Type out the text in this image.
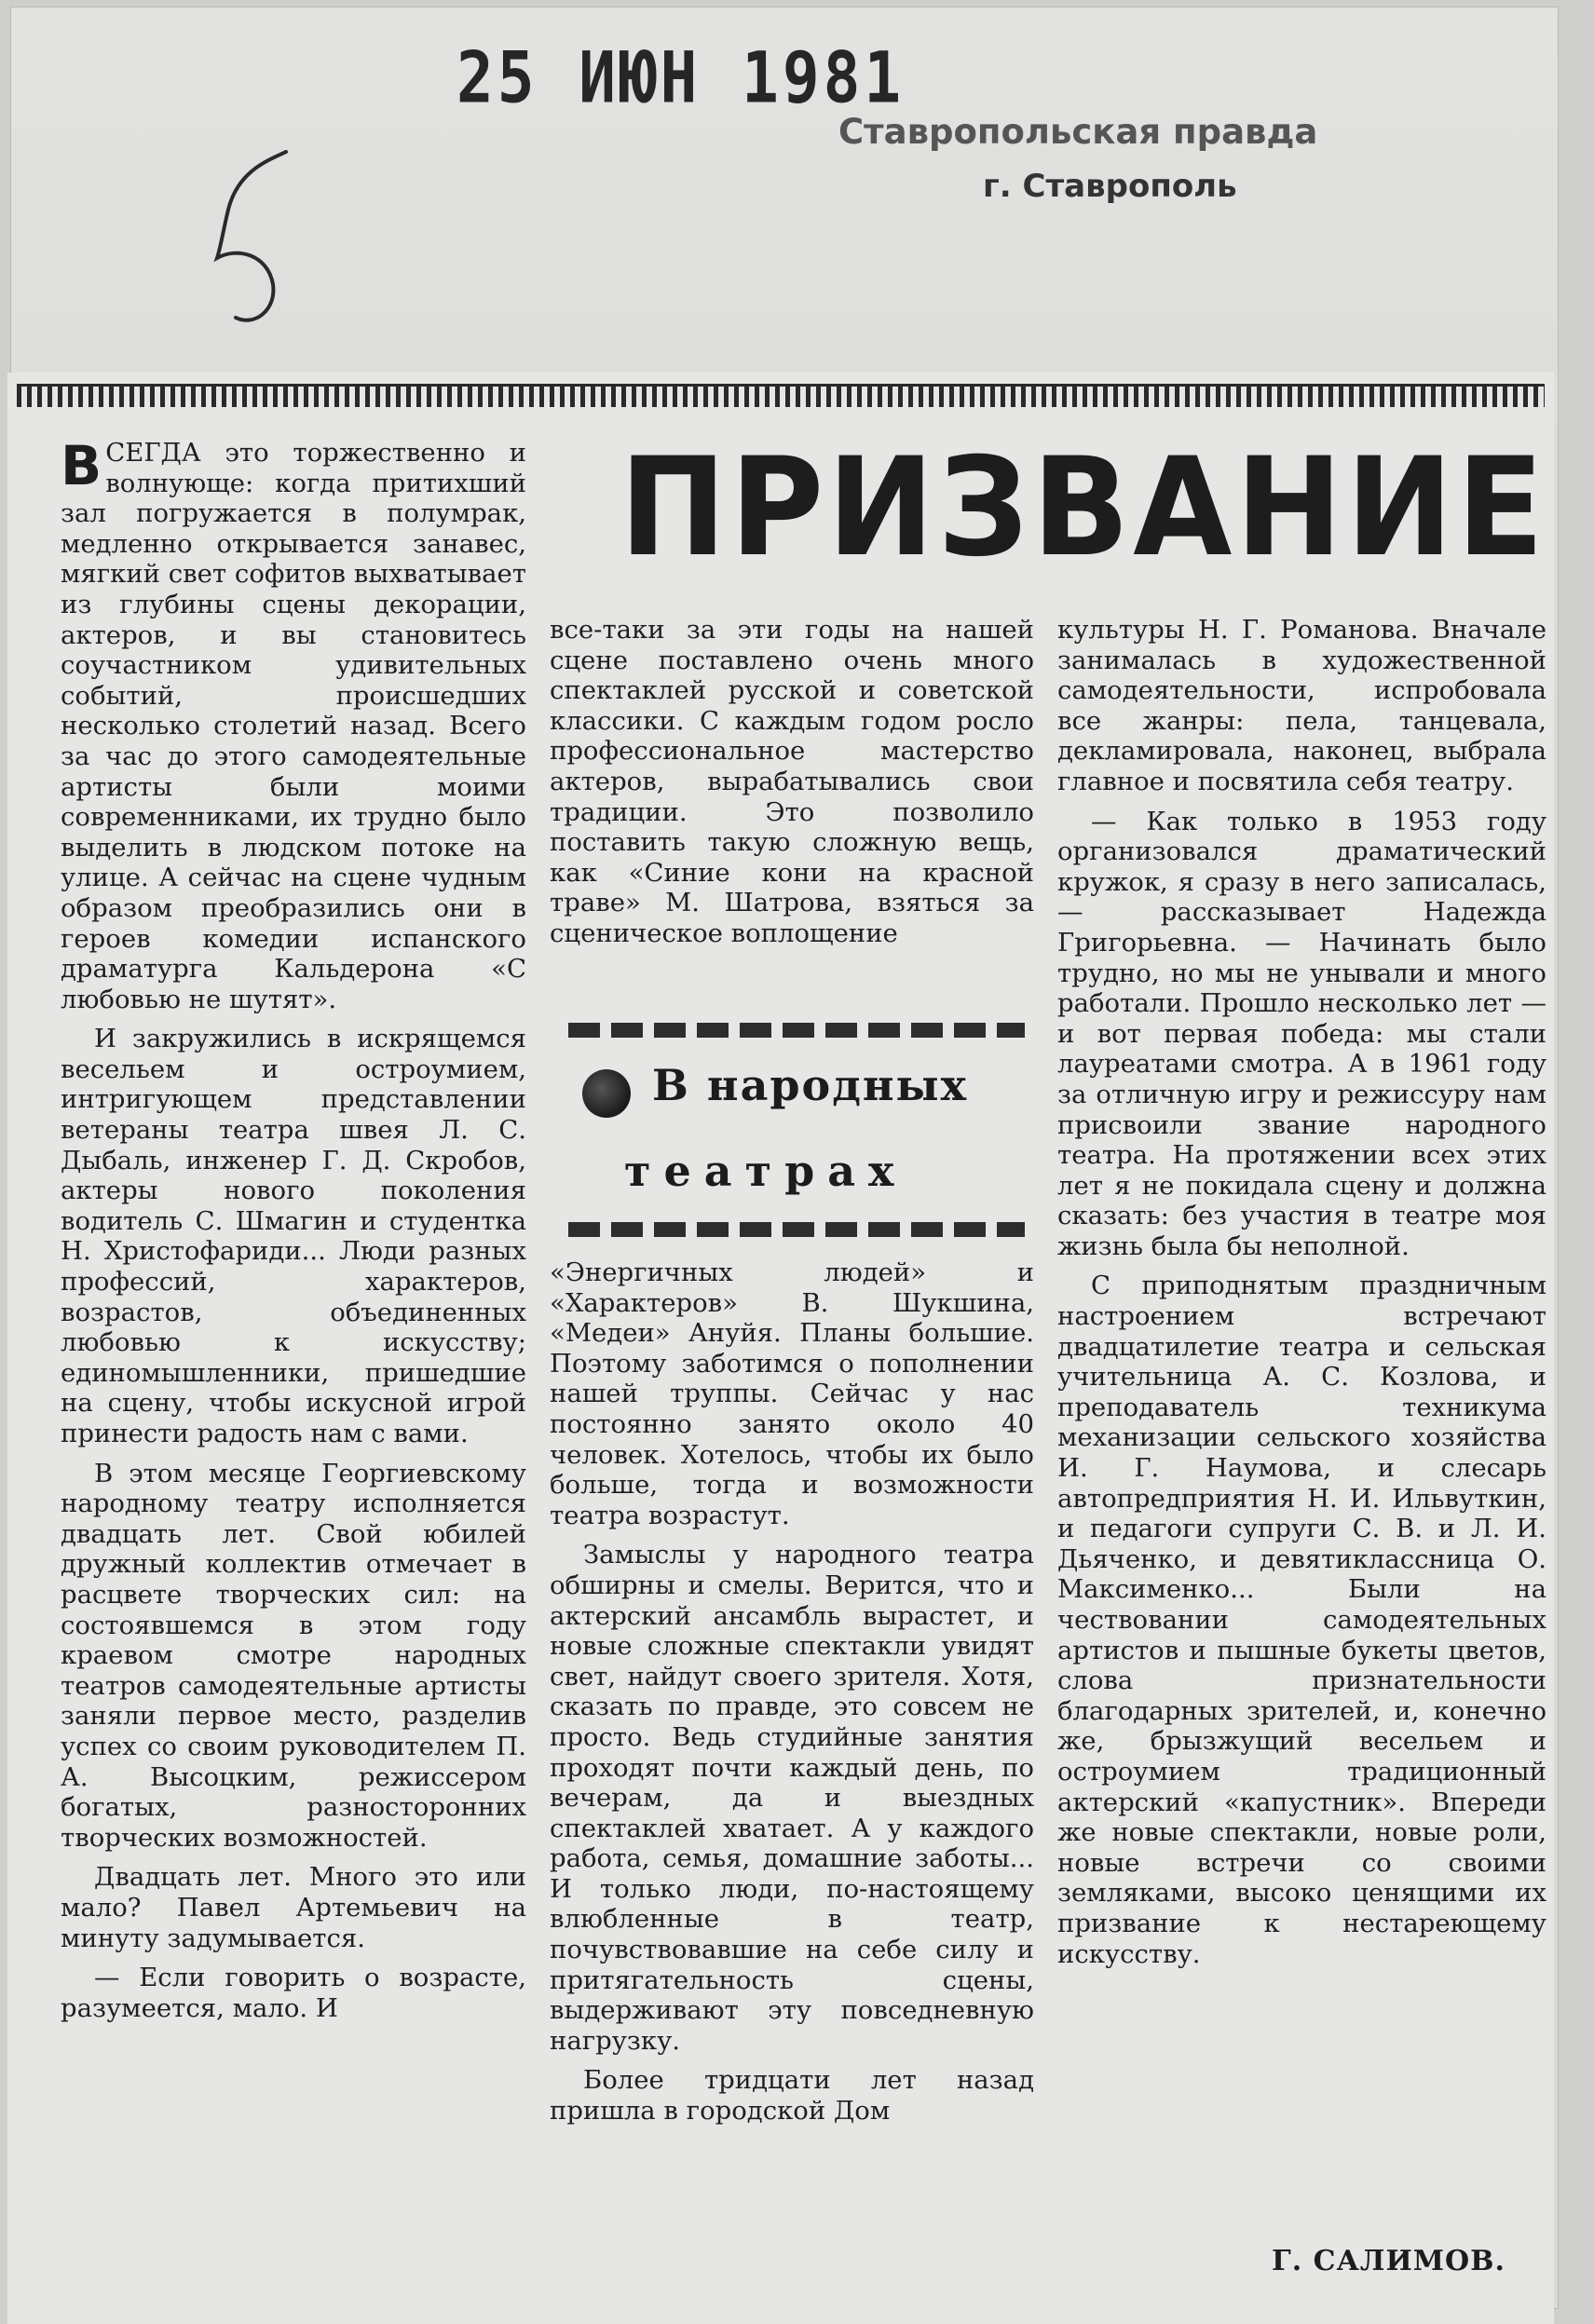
25 ИЮН 1981
Ставропольская правда
г. Ставрополь
ПРИЗВАНИЕ

ВСЕГДА это торжественно и волнующе: когда притихший зал погружается в полумрак, медленно открывается занавес, мягкий свет софитов выхватывает из глубины сцены декорации, актеров, и вы становитесь соучастником удивительных событий, происшедших несколько столетий назад. Всего за час до этого самодеятельные артисты были моими современниками, их трудно было выделить в людском потоке на улице. А сейчас на сцене чудным образом преобразились они в героев комедии испанского драматурга Кальдерона «С любовью не шутят».

И закружились в искрящемся весельем и остроумием, интригующем представлении ветераны театра швея Л. С. Дыбаль, инженер Г. Д. Скробов, актеры нового поколения водитель С. Шмагин и студентка Н. Христофариди... Люди разных профессий, характеров, возрастов, объединенных любовью к искусству; единомышленники, пришедшие на сцену, чтобы искусной игрой принести радость нам с вами.

В этом месяце Георгиевскому народному театру исполняется двадцать лет. Свой юбилей дружный коллектив отмечает в расцвете творческих сил: на состоявшемся в этом году краевом смотре народных театров самодеятельные артисты заняли первое место, разделив успех со своим руководителем П. А. Высоцким, режиссером богатых, разносторонних творческих возможностей.

Двадцать лет. Много это или мало? Павел Артемьевич на минуту задумывается.

— Если говорить о возрасте, разумеется, мало. И

все-таки за эти годы на нашей сцене поставлено очень много спектаклей русской и советской классики. С каждым годом росло профессиональное мастерство актеров, вырабатывались свои традиции. Это позволило поставить такую сложную вещь, как «Синие кони на красной траве» М. Шатрова, взяться за сценическое воплощение

В народных
театрах

«Энергичных людей» и «Характеров» В. Шукшина, «Медеи» Ануйя. Планы большие. Поэтому заботимся о пополнении нашей труппы. Сейчас у нас постоянно занято около 40 человек. Хотелось, чтобы их было больше, тогда и возможности театра возрастут.

Замыслы у народного театра обширны и смелы. Верится, что и актерский ансамбль вырастет, и новые сложные спектакли увидят свет, найдут своего зрителя. Хотя, сказать по правде, это совсем не просто. Ведь студийные занятия проходят почти каждый день, по вечерам, да и выездных спектаклей хватает. А у каждого работа, семья, домашние заботы... И только люди, по-настоящему влюбленные в театр, почувствовавшие на себе силу и притягательность сцены, выдерживают эту повседневную нагрузку.

Более тридцати лет назад пришла в городской Дом

культуры Н. Г. Романова. Вначале занималась в художественной самодеятельности, испробовала все жанры: пела, танцевала, декламировала, наконец, выбрала главное и посвятила себя театру.

— Как только в 1953 году организовался драматический кружок, я сразу в него записалась, — рассказывает Надежда Григорьевна. — Начинать было трудно, но мы не унывали и много работали. Прошло несколько лет — и вот первая победа: мы стали лауреатами смотра. А в 1961 году за отличную игру и режиссуру нам присвоили звание народного театра. На протяжении всех этих лет я не покидала сцену и должна сказать: без участия в театре моя жизнь была бы неполной.

С приподнятым праздничным настроением встречают двадцатилетие театра и сельская учительница А. С. Козлова, и преподаватель техникума механизации сельского хозяйства И. Г. Наумова, и слесарь автопредприятия Н. И. Ильвуткин, и педагоги супруги С. В. и Л. И. Дьяченко, и девятиклассница О. Максименко... Были на чествовании самодеятельных артистов и пышные букеты цветов, слова признательности благодарных зрителей, и, конечно же, брызжущий весельем и остроумием традиционный актерский «капустник». Впереди же новые спектакли, новые роли, новые встречи со своими земляками, высоко ценящими их призвание к нестареющему искусству.

Г. САЛИМОВ.
